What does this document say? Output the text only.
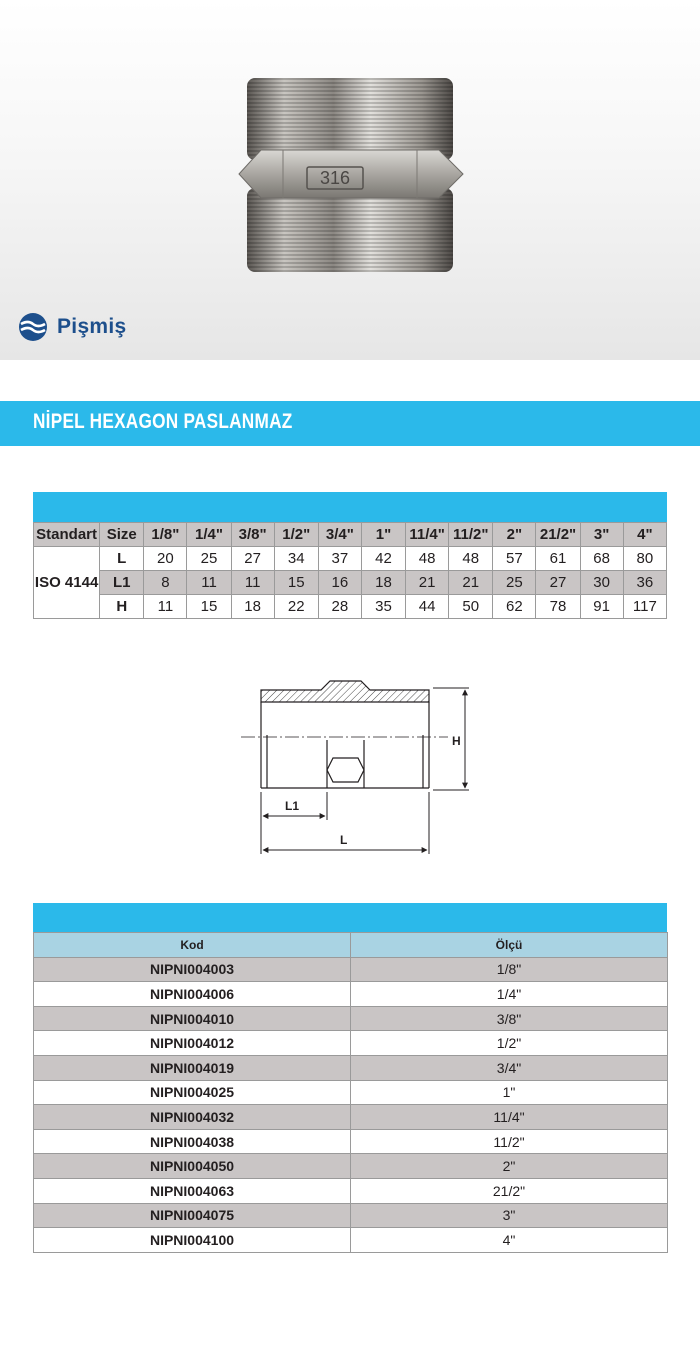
316
Pişmiş
NİPEL HEXAGON PASLANMAZ
Standart	Size	1/8"	1/4"	3/8"	1/2"	3/4"	1"	11/4"	11/2"	2"	21/2"	3"	4"
ISO 4144	L	20	25	27	34	37	42	48	48	57	61	68	80
	L1	8	11	11	15	16	18	21	21	25	27	30	36
	H	11	15	18	22	28	35	44	50	62	78	91	117
H
L1
L
Kod	Ölçü
NIPNI004003	1/8"
NIPNI004006	1/4"
NIPNI004010	3/8"
NIPNI004012	1/2"
NIPNI004019	3/4"
NIPNI004025	1"
NIPNI004032	11/4"
NIPNI004038	11/2"
NIPNI004050	2"
NIPNI004063	21/2"
NIPNI004075	3"
NIPNI004100	4"
